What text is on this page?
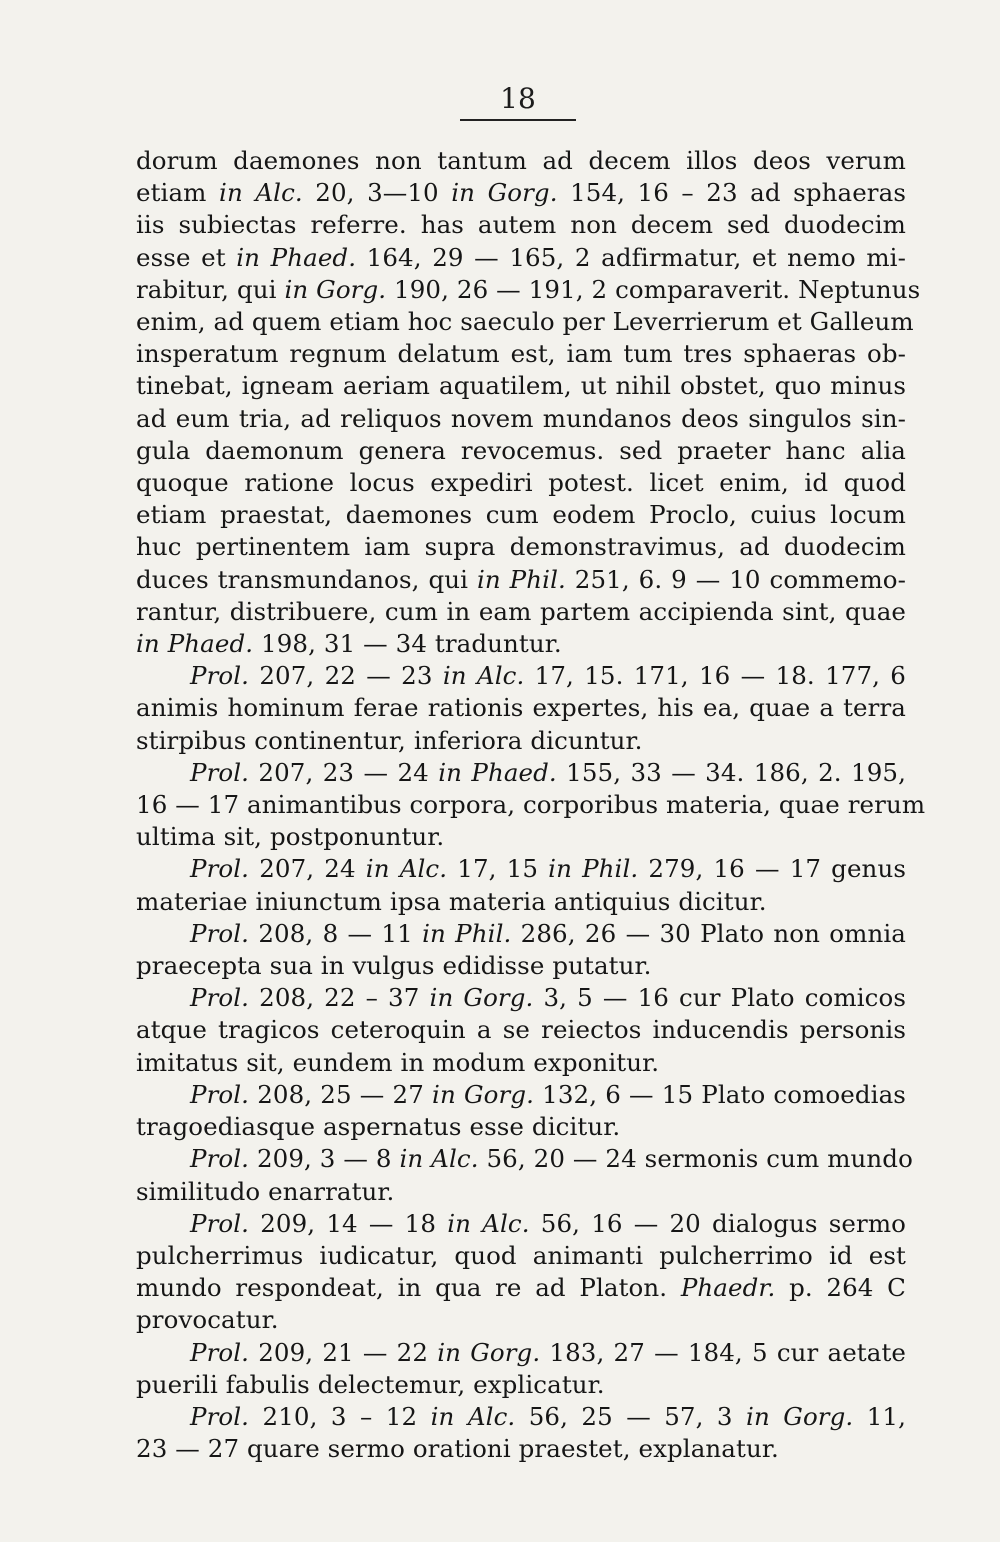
18
dorum daemones non tantum ad decem illos deos verum
etiam in Alc. 20, 3—10 in Gorg. 154, 16 – 23 ad sphaeras
iis subiectas referre. has autem non decem sed duodecim
esse et in Phaed. 164, 29 — 165, 2 adfirmatur, et nemo mi-
rabitur, qui in Gorg. 190, 26 — 191, 2 comparaverit. Neptunus
enim, ad quem etiam hoc saeculo per Leverrierum et Galleum
insperatum regnum delatum est, iam tum tres sphaeras ob-
tinebat, igneam aeriam aquatilem, ut nihil obstet, quo minus
ad eum tria, ad reliquos novem mundanos deos singulos sin-
gula daemonum genera revocemus. sed praeter hanc alia
quoque ratione locus expediri potest. licet enim, id quod
etiam praestat, daemones cum eodem Proclo, cuius locum
huc pertinentem iam supra demonstravimus, ad duodecim
duces transmundanos, qui in Phil. 251, 6. 9 — 10 commemo-
rantur, distribuere, cum in eam partem accipienda sint, quae
in Phaed. 198, 31 — 34 traduntur.
Prol. 207, 22 — 23 in Alc. 17, 15. 171, 16 — 18. 177, 6
animis hominum ferae rationis expertes, his ea, quae a terra
stirpibus continentur, inferiora dicuntur.
Prol. 207, 23 — 24 in Phaed. 155, 33 — 34. 186, 2. 195,
16 — 17 animantibus corpora, corporibus materia, quae rerum
ultima sit, postponuntur.
Prol. 207, 24 in Alc. 17, 15 in Phil. 279, 16 — 17 genus
materiae iniunctum ipsa materia antiquius dicitur.
Prol. 208, 8 — 11 in Phil. 286, 26 — 30 Plato non omnia
praecepta sua in vulgus edidisse putatur.
Prol. 208, 22 – 37 in Gorg. 3, 5 — 16 cur Plato comicos
atque tragicos ceteroquin a se reiectos inducendis personis
imitatus sit, eundem in modum exponitur.
Prol. 208, 25 — 27 in Gorg. 132, 6 — 15 Plato comoedias
tragoediasque aspernatus esse dicitur.
Prol. 209, 3 — 8 in Alc. 56, 20 — 24 sermonis cum mundo
similitudo enarratur.
Prol. 209, 14 — 18 in Alc. 56, 16 — 20 dialogus sermo
pulcherrimus iudicatur, quod animanti pulcherrimo id est
mundo respondeat, in qua re ad Platon. Phaedr. p. 264 C
provocatur.
Prol. 209, 21 — 22 in Gorg. 183, 27 — 184, 5 cur aetate
puerili fabulis delectemur, explicatur.
Prol. 210, 3 – 12 in Alc. 56, 25 — 57, 3 in Gorg. 11,
23 — 27 quare sermo orationi praestet, explanatur.
